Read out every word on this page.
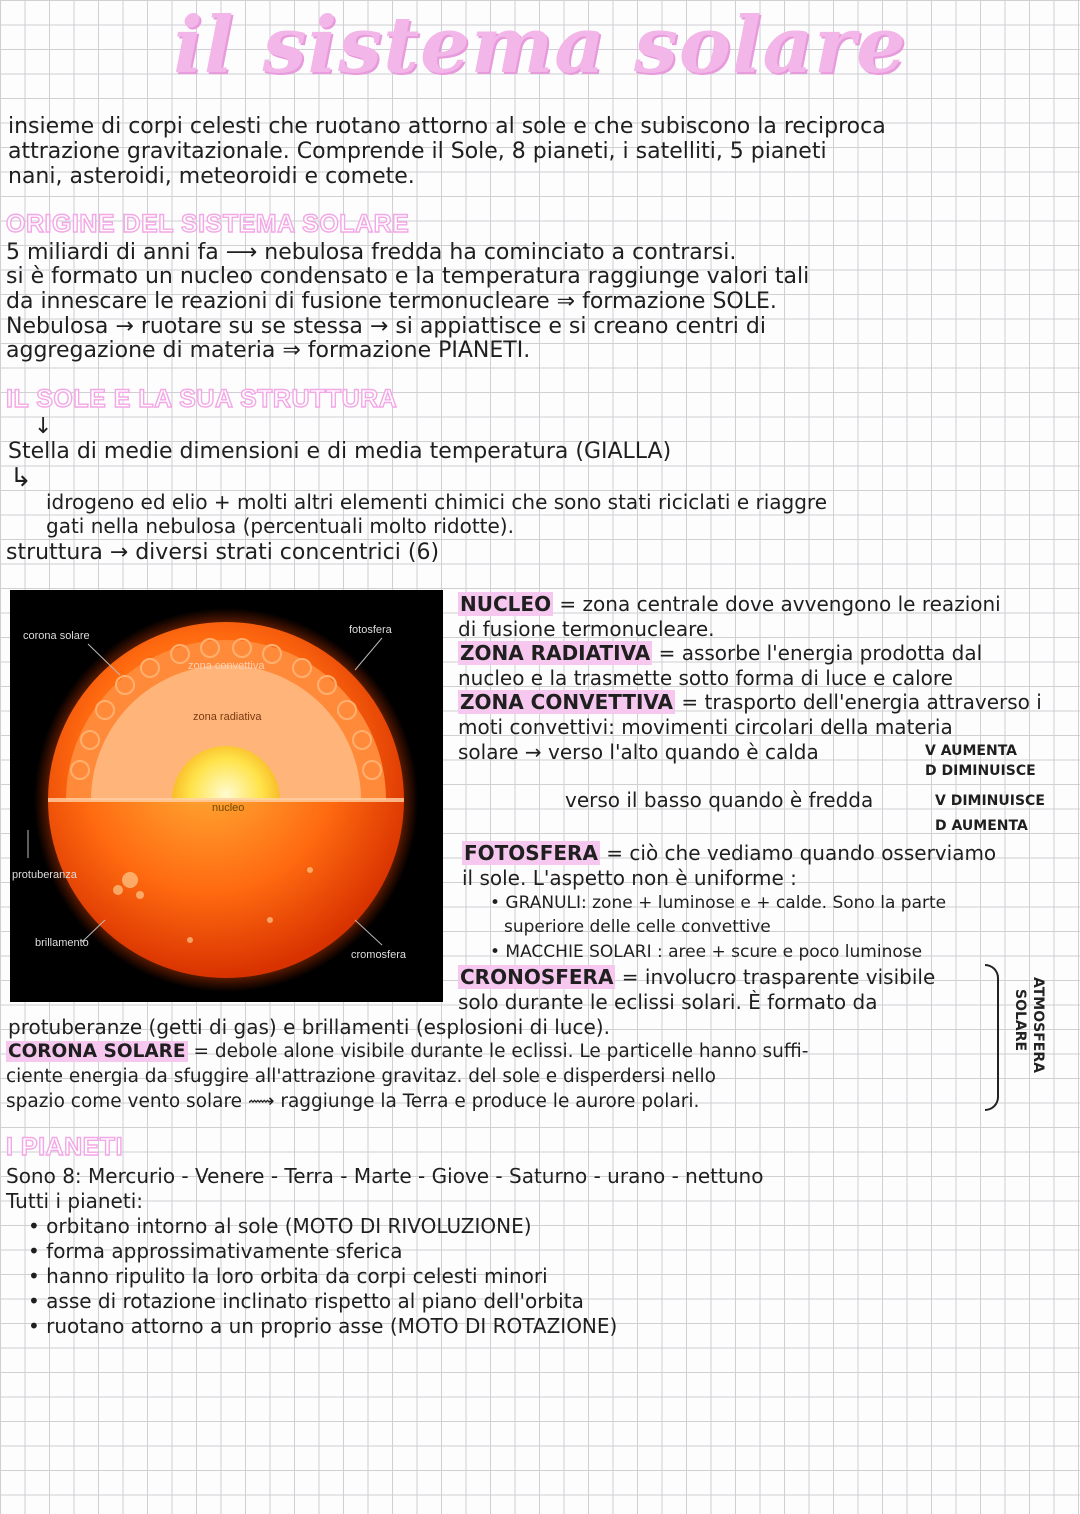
il sistema solare
insieme di corpi celesti che ruotano attorno al sole e che subiscono la reciproca
attrazione gravitazionale. Comprende il Sole, 8 pianeti, i satelliti, 5 pianeti
nani, asteroidi, meteoroidi e comete.
ORIGINE DEL SISTEMA SOLARE
5 miliardi di anni fa ⟶ nebulosa fredda ha cominciato a contrarsi.
si è formato un nucleo condensato e la temperatura raggiunge valori tali
da innescare le reazioni di fusione termonucleare ⇒ formazione SOLE.
Nebulosa → ruotare su se stessa → si appiattisce e si creano centri di
aggregazione di materia ⇒ formazione PIANETI.
IL SOLE E LA SUA STRUTTURA
↓
Stella di medie dimensioni e di media temperatura (GIALLA)
↳
idrogeno ed elio + molti altri elementi chimici che sono stati riciclati e riaggre
gati nella nebulosa (percentuali molto ridotte).
struttura → diversi strati concentrici (6)
corona solare	fotosfera
zona convettiva
zona radiativa
nucleo
protuberanza
brillamento
cromosfera
NUCLEO = zona centrale dove avvengono le reazioni
di fusione termonucleare.
ZONA RADIATIVA = assorbe l'energia prodotta dal
nucleo e la trasmette sotto forma di luce e calore
ZONA CONVETTIVA = trasporto dell'energia attraverso i
moti convettivi: movimenti circolari della materia
solare → verso l'alto quando è calda	V AUMENTA
D DIMINUISCE
verso il basso quando è fredda	V DIMINUISCE
D AUMENTA
FOTOSFERA = ciò che vediamo quando osserviamo
il sole. L'aspetto non è uniforme :
• GRANULI: zone + luminose e + calde. Sono la parte
superiore delle celle convettive
• MACCHIE SOLARI : aree + scure e poco luminose
CRONOSFERA = involucro trasparente visibile
solo durante le eclissi solari. È formato da
protuberanze (getti di gas) e brillamenti (esplosioni di luce).
CORONA SOLARE = debole alone visibile durante le eclissi. Le particelle hanno suffi-
ciente energia da sfuggire all'attrazione gravitaz. del sole e disperdersi nello
spazio come vento solare ⟿ raggiunge la Terra e produce le aurore polari.
ATMOSFERA
SOLARE
I PIANETI
Sono 8: Mercurio - Venere - Terra - Marte - Giove - Saturno - urano - nettuno
Tutti i pianeti:
• orbitano intorno al sole (MOTO DI RIVOLUZIONE)
• forma approssimativamente sferica
• hanno ripulito la loro orbita da corpi celesti minori
• asse di rotazione inclinato rispetto al piano dell'orbita
• ruotano attorno a un proprio asse (MOTO DI ROTAZIONE)
